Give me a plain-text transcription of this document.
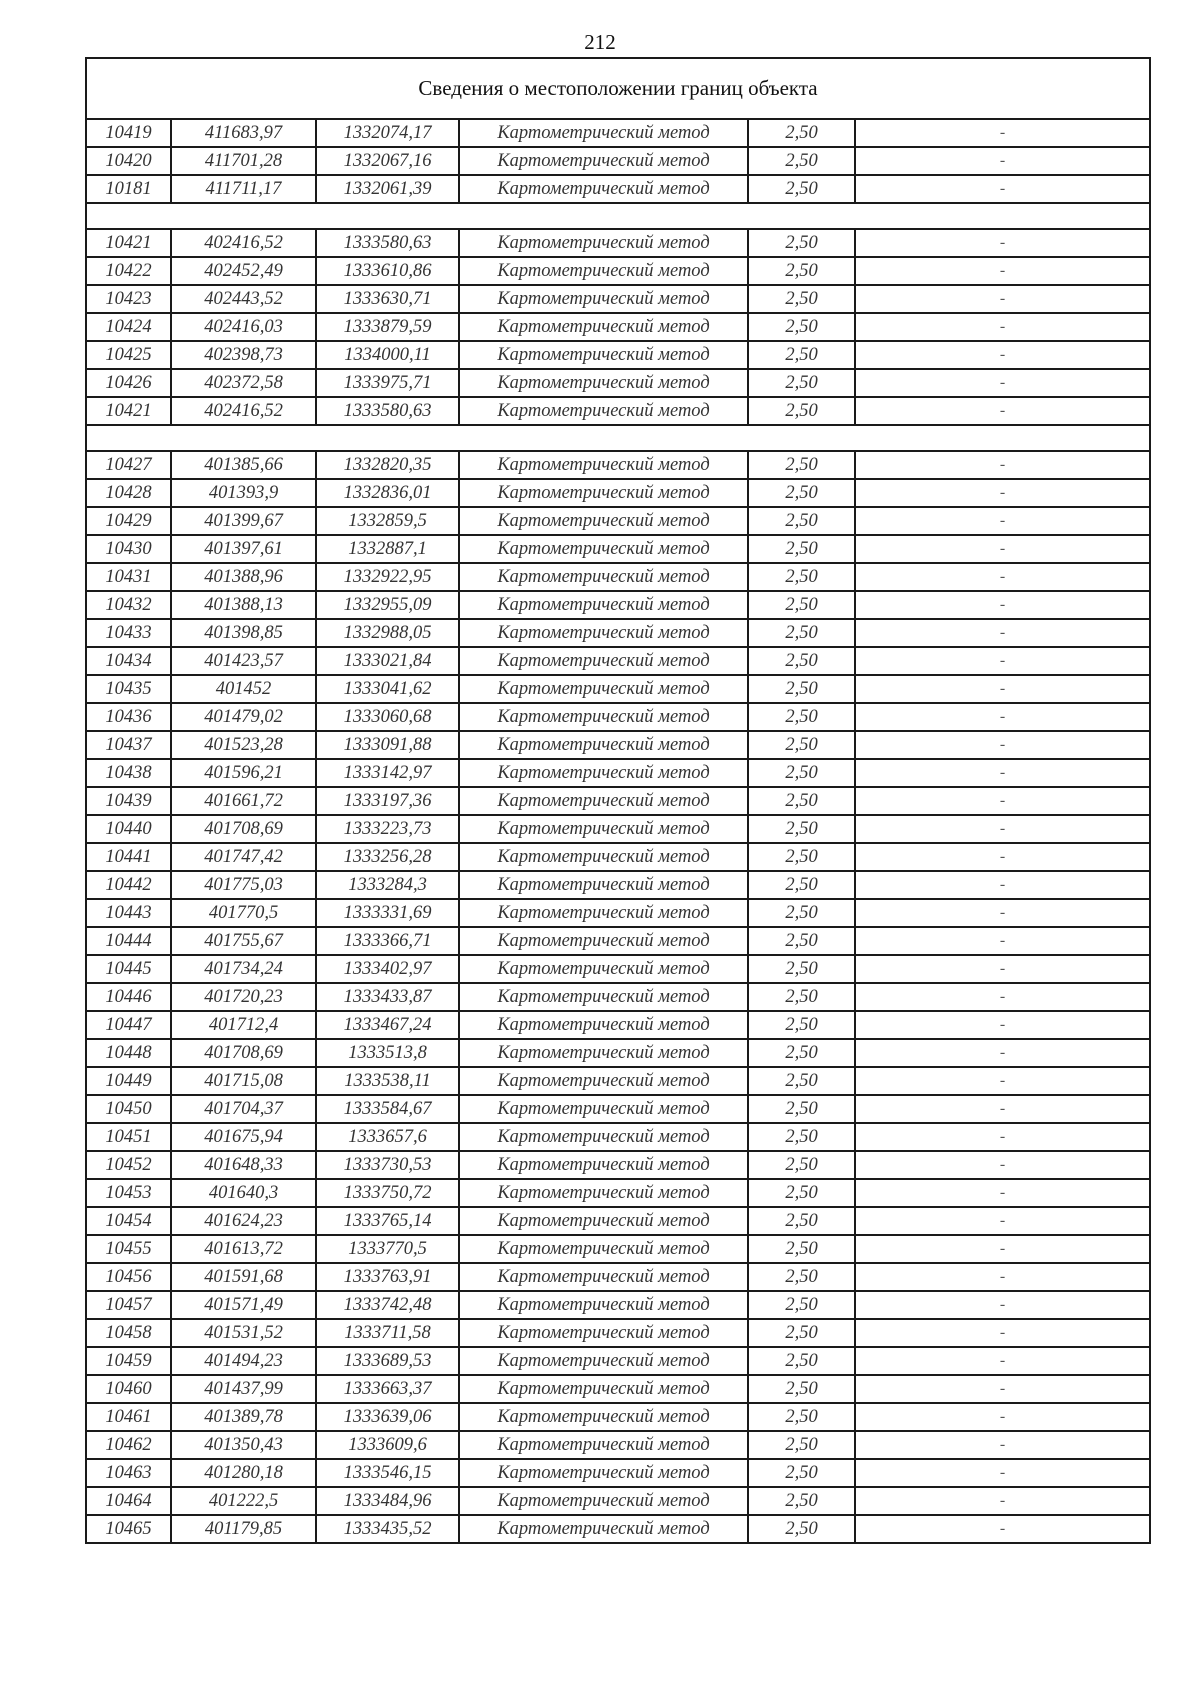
212
Сведения о местоположении границ объекта					
10419	411683,97	1332074,17	Картометрический метод	2,50	-
10420	411701,28	1332067,16	Картометрический метод	2,50	-
10181	411711,17	1332061,39	Картометрический метод	2,50	-

10421	402416,52	1333580,63	Картометрический метод	2,50	-
10422	402452,49	1333610,86	Картометрический метод	2,50	-
10423	402443,52	1333630,71	Картометрический метод	2,50	-
10424	402416,03	1333879,59	Картометрический метод	2,50	-
10425	402398,73	1334000,11	Картометрический метод	2,50	-
10426	402372,58	1333975,71	Картометрический метод	2,50	-
10421	402416,52	1333580,63	Картометрический метод	2,50	-

10427	401385,66	1332820,35	Картометрический метод	2,50	-
10428	401393,9	1332836,01	Картометрический метод	2,50	-
10429	401399,67	1332859,5	Картометрический метод	2,50	-
10430	401397,61	1332887,1	Картометрический метод	2,50	-
10431	401388,96	1332922,95	Картометрический метод	2,50	-
10432	401388,13	1332955,09	Картометрический метод	2,50	-
10433	401398,85	1332988,05	Картометрический метод	2,50	-
10434	401423,57	1333021,84	Картометрический метод	2,50	-
10435	401452	1333041,62	Картометрический метод	2,50	-
10436	401479,02	1333060,68	Картометрический метод	2,50	-
10437	401523,28	1333091,88	Картометрический метод	2,50	-
10438	401596,21	1333142,97	Картометрический метод	2,50	-
10439	401661,72	1333197,36	Картометрический метод	2,50	-
10440	401708,69	1333223,73	Картометрический метод	2,50	-
10441	401747,42	1333256,28	Картометрический метод	2,50	-
10442	401775,03	1333284,3	Картометрический метод	2,50	-
10443	401770,5	1333331,69	Картометрический метод	2,50	-
10444	401755,67	1333366,71	Картометрический метод	2,50	-
10445	401734,24	1333402,97	Картометрический метод	2,50	-
10446	401720,23	1333433,87	Картометрический метод	2,50	-
10447	401712,4	1333467,24	Картометрический метод	2,50	-
10448	401708,69	1333513,8	Картометрический метод	2,50	-
10449	401715,08	1333538,11	Картометрический метод	2,50	-
10450	401704,37	1333584,67	Картометрический метод	2,50	-
10451	401675,94	1333657,6	Картометрический метод	2,50	-
10452	401648,33	1333730,53	Картометрический метод	2,50	-
10453	401640,3	1333750,72	Картометрический метод	2,50	-
10454	401624,23	1333765,14	Картометрический метод	2,50	-
10455	401613,72	1333770,5	Картометрический метод	2,50	-
10456	401591,68	1333763,91	Картометрический метод	2,50	-
10457	401571,49	1333742,48	Картометрический метод	2,50	-
10458	401531,52	1333711,58	Картометрический метод	2,50	-
10459	401494,23	1333689,53	Картометрический метод	2,50	-
10460	401437,99	1333663,37	Картометрический метод	2,50	-
10461	401389,78	1333639,06	Картометрический метод	2,50	-
10462	401350,43	1333609,6	Картометрический метод	2,50	-
10463	401280,18	1333546,15	Картометрический метод	2,50	-
10464	401222,5	1333484,96	Картометрический метод	2,50	-
10465	401179,85	1333435,52	Картометрический метод	2,50	-
